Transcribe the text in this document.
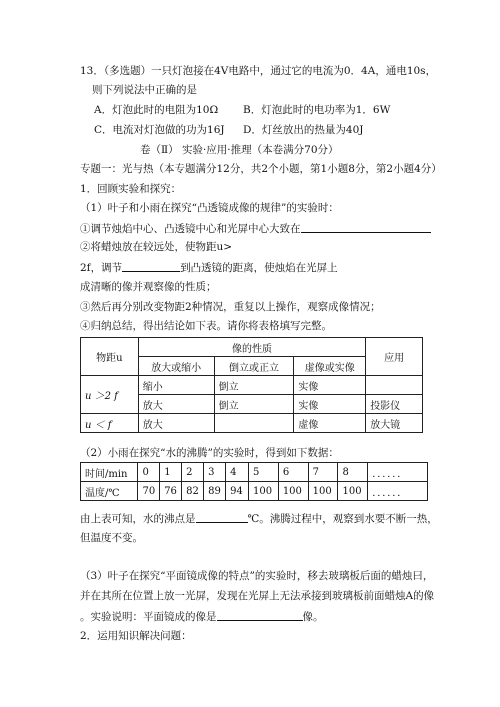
13．（多选题）一只灯泡接在4V电路中，通过它的电流为0．4A，通电10s，
则下列说法中正确的是
A．灯泡此时的电阻为10Ω B．灯泡此时的电功率为1．6W
C．电流对灯泡做的功为16J D．灯丝放出的热量为40J
卷（Ⅱ） 实验·应用·推理（本卷满分70分）
专题一：光与热（本专题满分12分，共2个小题，第1小题8分，第2小题4分）
1．回顾实验和探究：
（1）叶子和小雨在探究“凸透镜成像的规律”的实验时：
①调节烛焰中心、凸透镜中心和光屏中心大致在
②将蜡烛放在较远处，使物距u>
2f，调节	到凸透镜的距离，使烛焰在光屏上
成清晰的像并观察像的性质；
③然后再分别改变物距2种情况，重复以上操作，观察成像情况；
④归纳总结，得出结论如下表。请你将表格填写完整。
物距u	像的性质			应用
	放大或缩小	倒立或正立	虚像或实像	
u ＞2 f	缩小	倒立	实像	
	放大	倒立	实像	投影仪
u ＜ f	放大		虚像	放大镜
（2）小雨在探究“水的沸腾”的实验时，得到如下数据：
时间/min	0	1	2	3	4	5	6	7	8	．．．．．．
温度/℃	70	76	82	89	94	100	100	100	100	．．．．．．
由上表可知，水的沸点是	℃。沸腾过程中，观察到水要不断一热，
但温度不变。
（3）叶子在探究“平面镜成像的特点”的实验时，移去玻璃板后面的蜡烛曰，
并在其所在位置上放一光屏，发现在光屏上无法承接到玻璃板前面蜡烛A的像
。实验说明：平面镜成的像是	像。
2．运用知识解决问题：
